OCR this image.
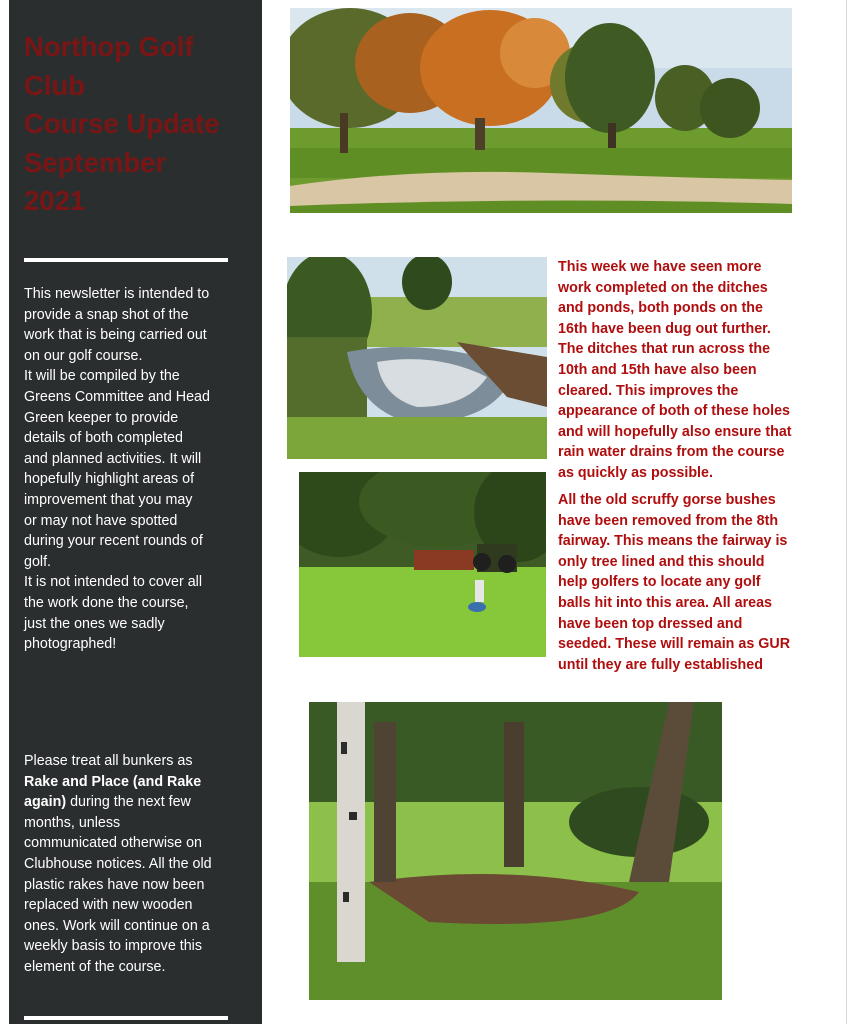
Northop Golf
Club
Course Update
September
2021
This newsletter is intended to
provide a snap shot of the
work that is being carried out
on our golf course.
It will be compiled by the
Greens Committee and Head
Green keeper to provide
details of both completed
and planned activities. It will
hopefully highlight areas of
improvement that you may
or may not have spotted
during your recent rounds of
golf.
It is not intended to cover all
the work done the course,
just the ones we sadly
photographed!
Please treat all bunkers as
Rake and Place (and Rake
again) during the next few
months, unless
communicated otherwise on
Clubhouse notices. All the old
plastic rakes have now been
replaced with new wooden
ones. Work will continue on a
weekly basis to improve this
element of the course.
This week we have seen more
work completed on the ditches
and ponds, both ponds on the
16th have been dug out further.
The ditches that run across the
10th and 15th have also been
cleared. This improves the
appearance of both of these holes
and will hopefully also ensure that
rain water drains from the course
as quickly as possible.
All the old scruffy gorse bushes
have been removed from the 8th
fairway. This means the fairway is
only tree lined and this should
help golfers to locate any golf
balls hit into this area. All areas
have been top dressed and
seeded. These will remain as GUR
until they are fully established
